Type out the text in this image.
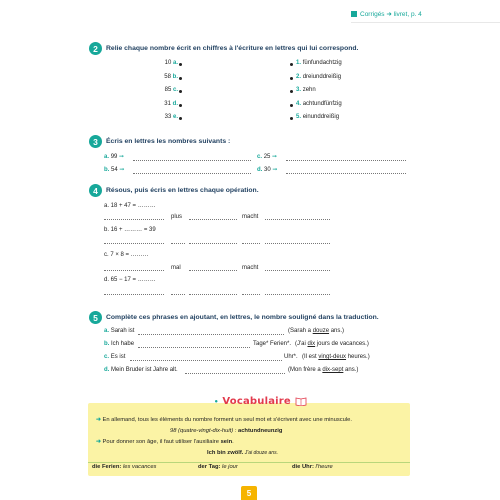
Corrigés ➜ livret, p. 4
2	Relie chaque nombre écrit en chiffres à l'écriture en lettres qui lui correspond.
10 a.
58 b.
85 c.
31 d.
33 e.
1. fünfundachtzig
2. dreiunddreißig
3. zehn
4. achtundfünfzig
5. einunddreißig
3	Écris en lettres les nombres suivants :
a. 99 ➞
b. 54 ➞
c. 25 ➞
d. 30 ➞
4	Résous, puis écris en lettres chaque opération.
a. 18 + 47 = ………
plus	macht
b. 16 + ……… = 39
c. 7 × 8 = ………
mal	macht
d. 65 − 17 = ………
5	Complète ces phrases en ajoutant, en lettres, le nombre souligné dans la traduction.
a. Sarah ist	(Sarah a douze ans.)
b. Ich habe	Tage* Ferien*. (J'ai dix jours de vacances.)
c. Es ist	Uhr*. (Il est vingt-deux heures.)
d. Mein Bruder ist Jahre alt.	(Mon frère a dix-sept ans.)
• Vocabulaire
➜ En allemand, tous les éléments du nombre forment un seul mot et s'écrivent avec une minuscule.
98 (quatre-vingt-dix-huit) : achtundneunzig
➜ Pour donner son âge, il faut utiliser l'auxiliaire sein.
Ich bin zwölf. J'ai douze ans.
die Ferien: les vacances	der Tag: le jour	die Uhr: l'heure
5
